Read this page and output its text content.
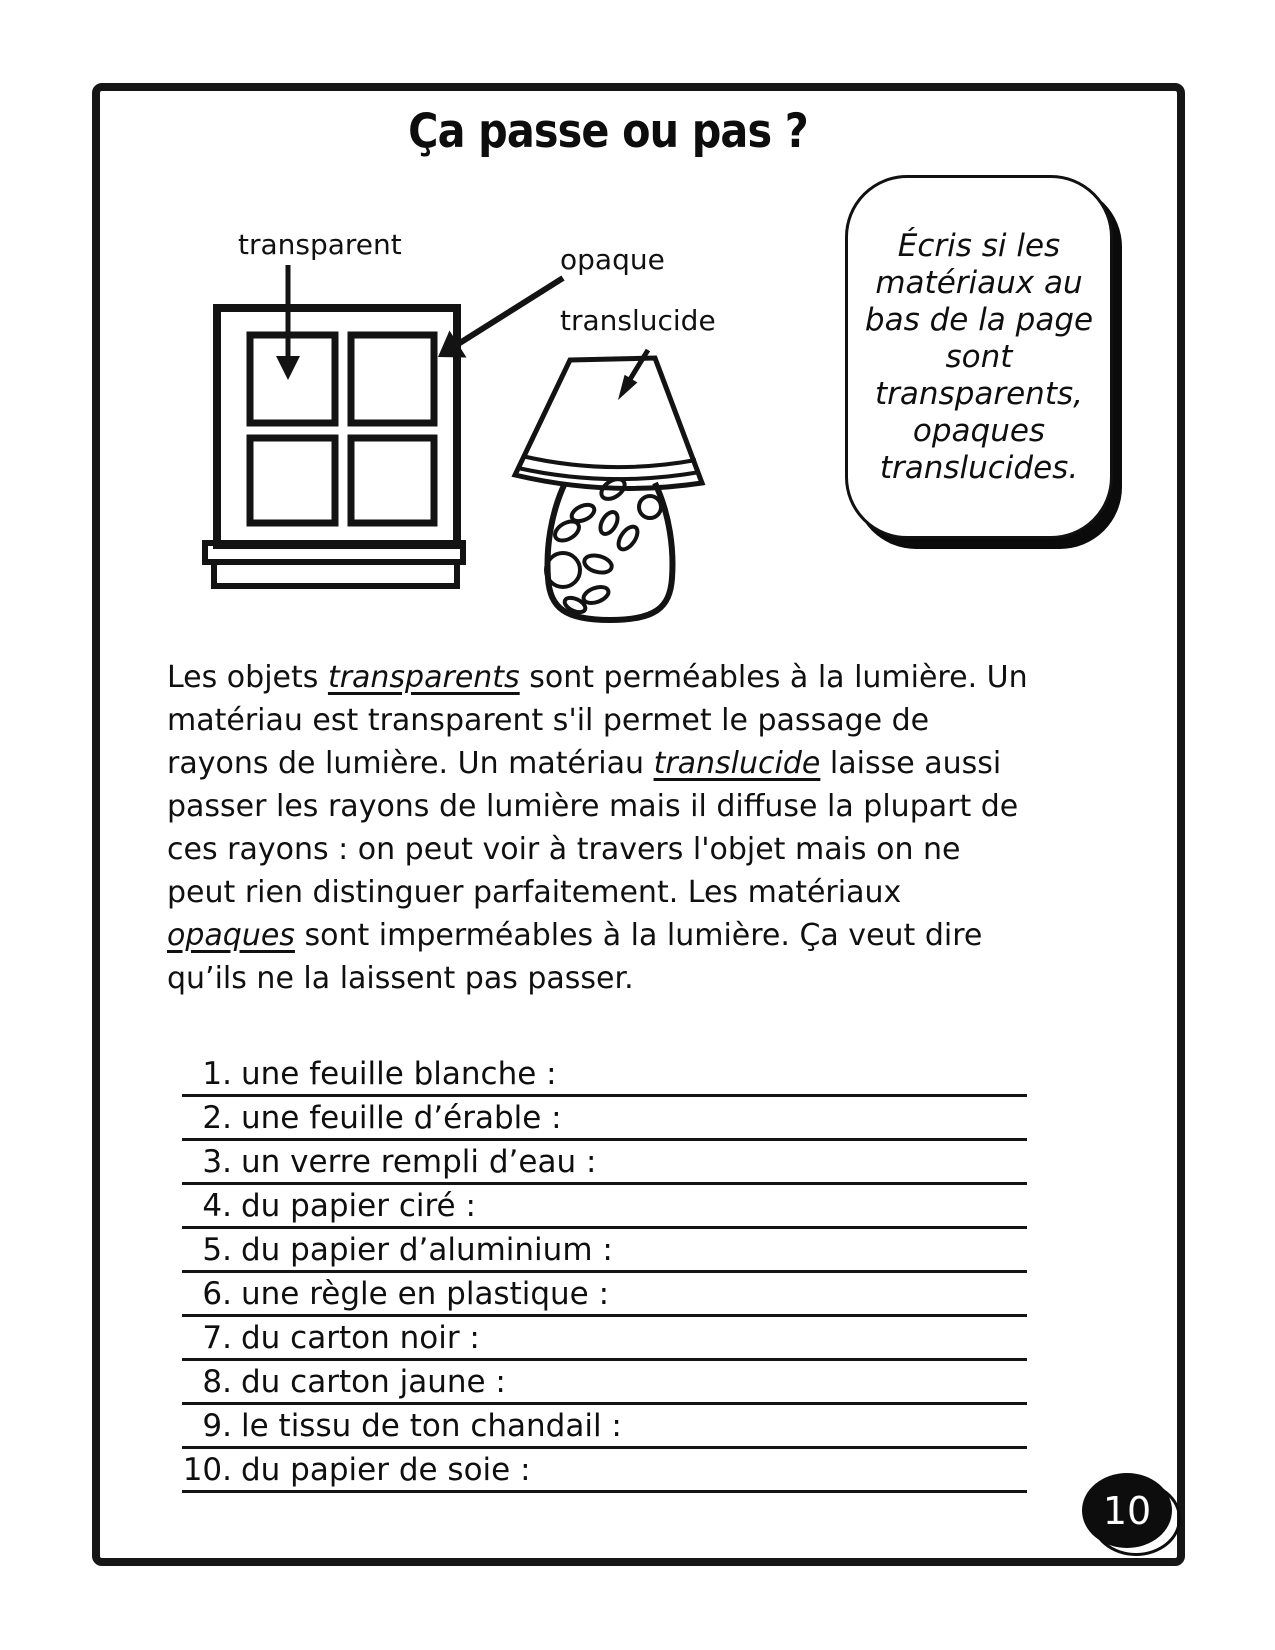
Ça passe ou pas ?
transparent	opaque
translucide
Écris si les matériaux au bas de la page sont transparents, opaques translucides.
Les objets transparents sont perméables à la lumière. Un matériau est transparent s'il permet le passage de rayons de lumière. Un matériau translucide laisse aussi passer les rayons de lumière mais il diffuse la plupart de ces rayons : on peut voir à travers l'objet mais on ne peut rien distinguer parfaitement. Les matériaux opaques sont imperméables à la lumière. Ça veut dire qu’ils ne la laissent pas passer.
1. une feuille blanche :
2. une feuille d’érable :
3. un verre rempli d’eau :
4. du papier ciré :
5. du papier d’aluminium :
6. une règle en plastique :
7. du carton noir :
8. du carton jaune :
9. le tissu de ton chandail :
10. du papier de soie :
10
